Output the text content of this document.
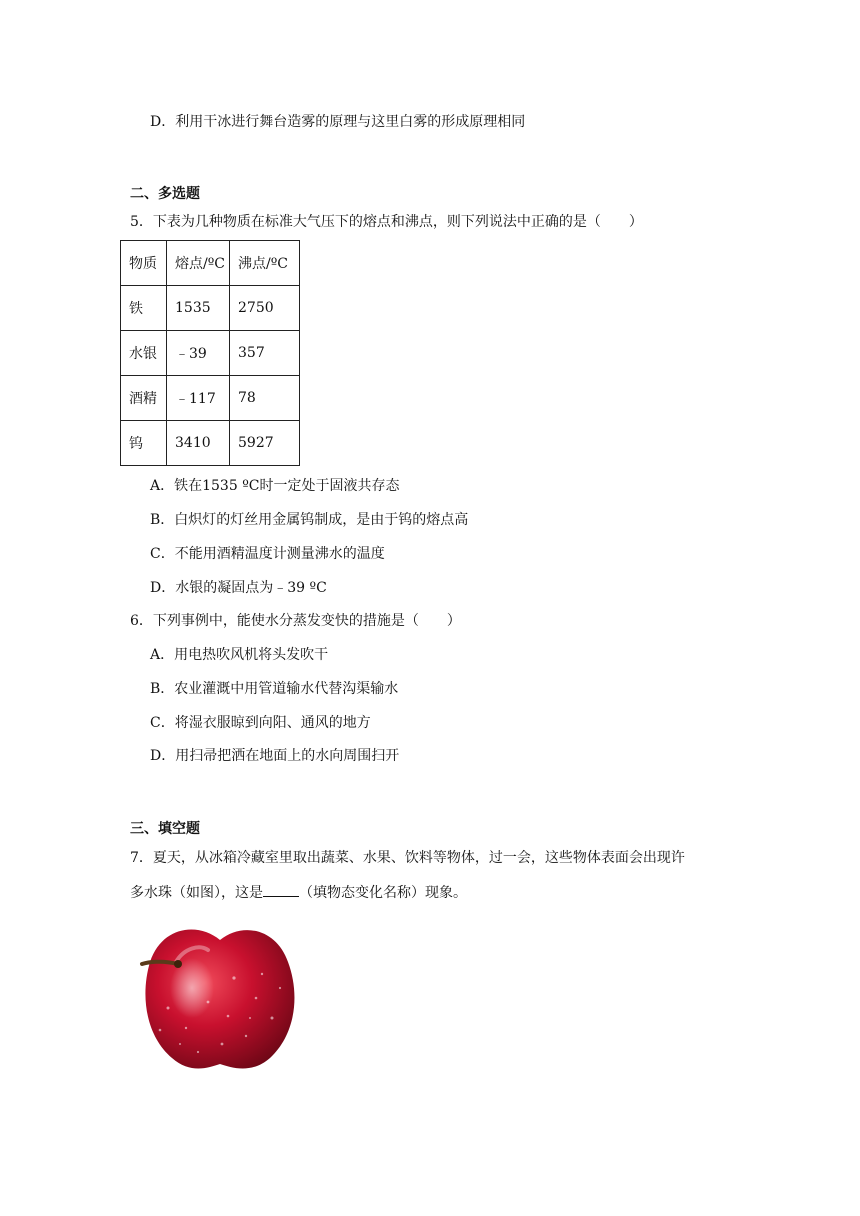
D．利用干冰进行舞台造雾的原理与这里白雾的形成原理相同
二、多选题
5．下表为几种物质在标准大气压下的熔点和沸点，则下列说法中正确的是（　　）
物质	熔点/ºC	沸点/ºC
铁	1535	2750
水银	﹣39	357
酒精	﹣117	78
钨	3410	5927
A．铁在1535 ºC时一定处于固液共存态
B．白炽灯的灯丝用金属钨制成，是由于钨的熔点高
C．不能用酒精温度计测量沸水的温度
D．水银的凝固点为﹣39 ºC
6．下列事例中，能使水分蒸发变快的措施是（　　）
A．用电热吹风机将头发吹干
B．农业灌溉中用管道输水代替沟渠输水
C．将湿衣服晾到向阳、通风的地方
D．用扫帚把洒在地面上的水向周围扫开
三、填空题
7．夏天，从冰箱冷藏室里取出蔬菜、水果、饮料等物体，过一会，这些物体表面会出现许
多水珠（如图），这是	（填物态变化名称）现象。
